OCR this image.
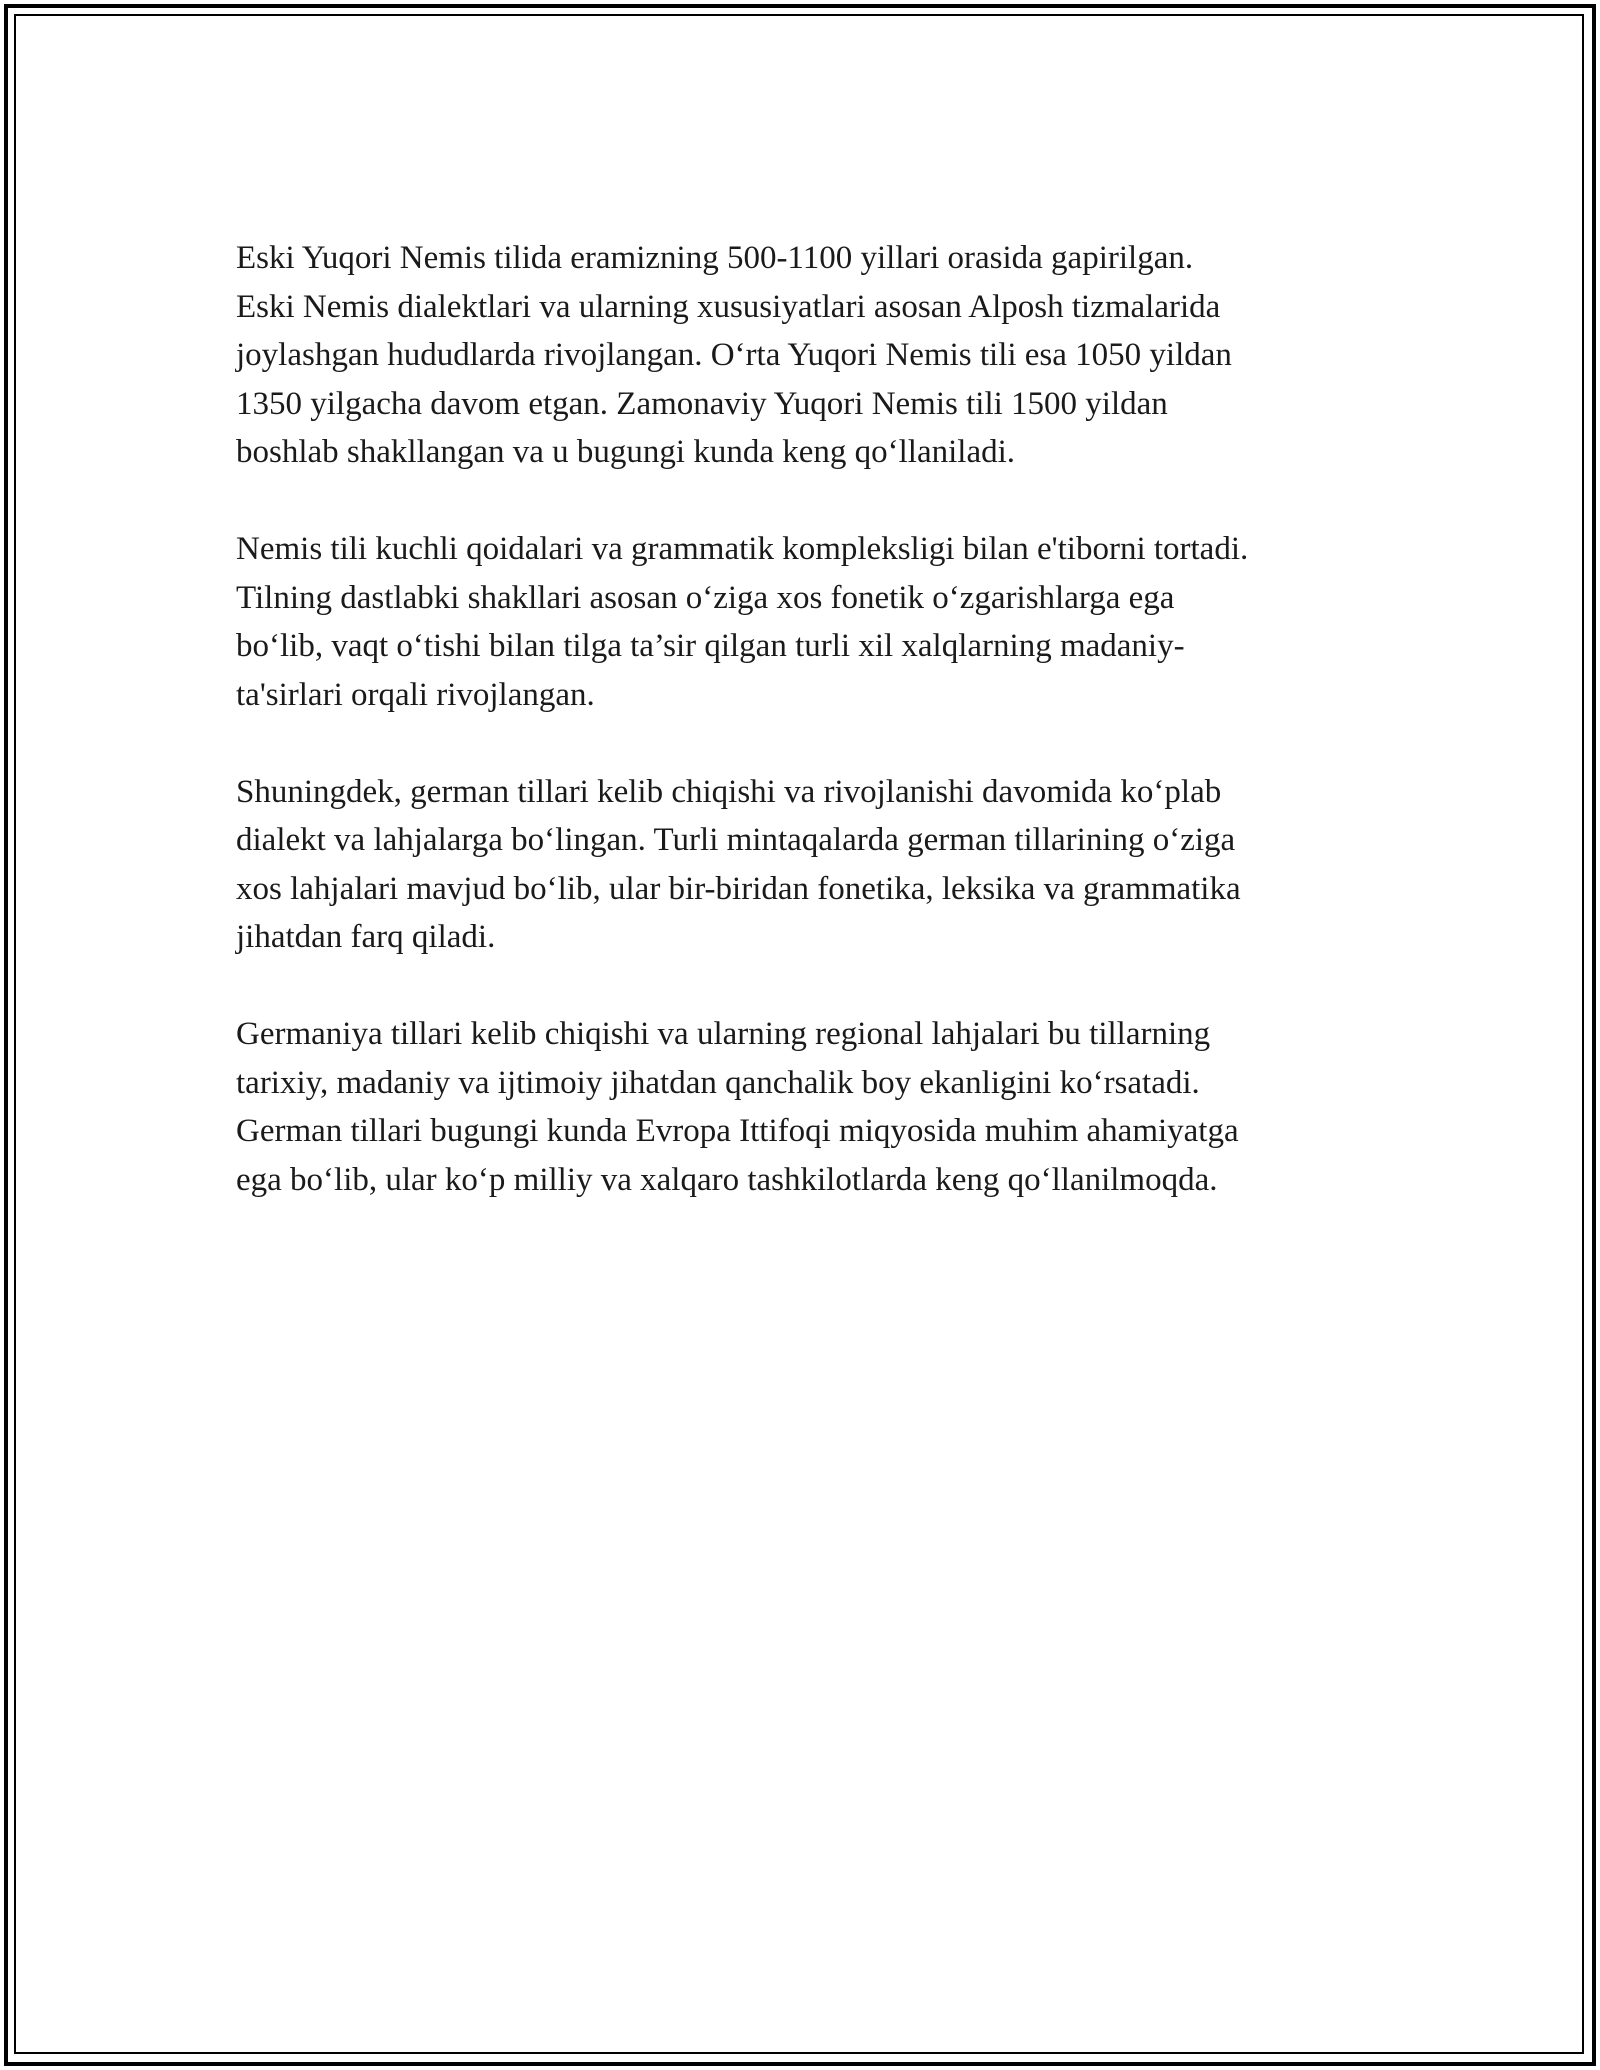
Eski Yuqori Nemis tilida eramizning 500-1100 yillari orasida gapirilgan.
Eski Nemis dialektlari va ularning xususiyatlari asosan Alposh tizmalarida
joylashgan hududlarda rivojlangan. O‘rta Yuqori Nemis tili esa 1050 yildan
1350 yilgacha davom etgan. Zamonaviy Yuqori Nemis tili 1500 yildan
boshlab shakllangan va u bugungi kunda keng qo‘llaniladi.

Nemis tili kuchli qoidalari va grammatik kompleksligi bilan e'tiborni tortadi.
Tilning dastlabki shakllari asosan o‘ziga xos fonetik o‘zgarishlarga ega
bo‘lib, vaqt o‘tishi bilan tilga ta’sir qilgan turli xil xalqlarning madaniy-
ta'sirlari orqali rivojlangan.

Shuningdek, german tillari kelib chiqishi va rivojlanishi davomida ko‘plab
dialekt va lahjalarga bo‘lingan. Turli mintaqalarda german tillarining o‘ziga
xos lahjalari mavjud bo‘lib, ular bir-biridan fonetika, leksika va grammatika
jihatdan farq qiladi.

Germaniya tillari kelib chiqishi va ularning regional lahjalari bu tillarning
tarixiy, madaniy va ijtimoiy jihatdan qanchalik boy ekanligini ko‘rsatadi.
German tillari bugungi kunda Evropa Ittifoqi miqyosida muhim ahamiyatga
ega bo‘lib, ular ko‘p milliy va xalqaro tashkilotlarda keng qo‘llanilmoqda.
